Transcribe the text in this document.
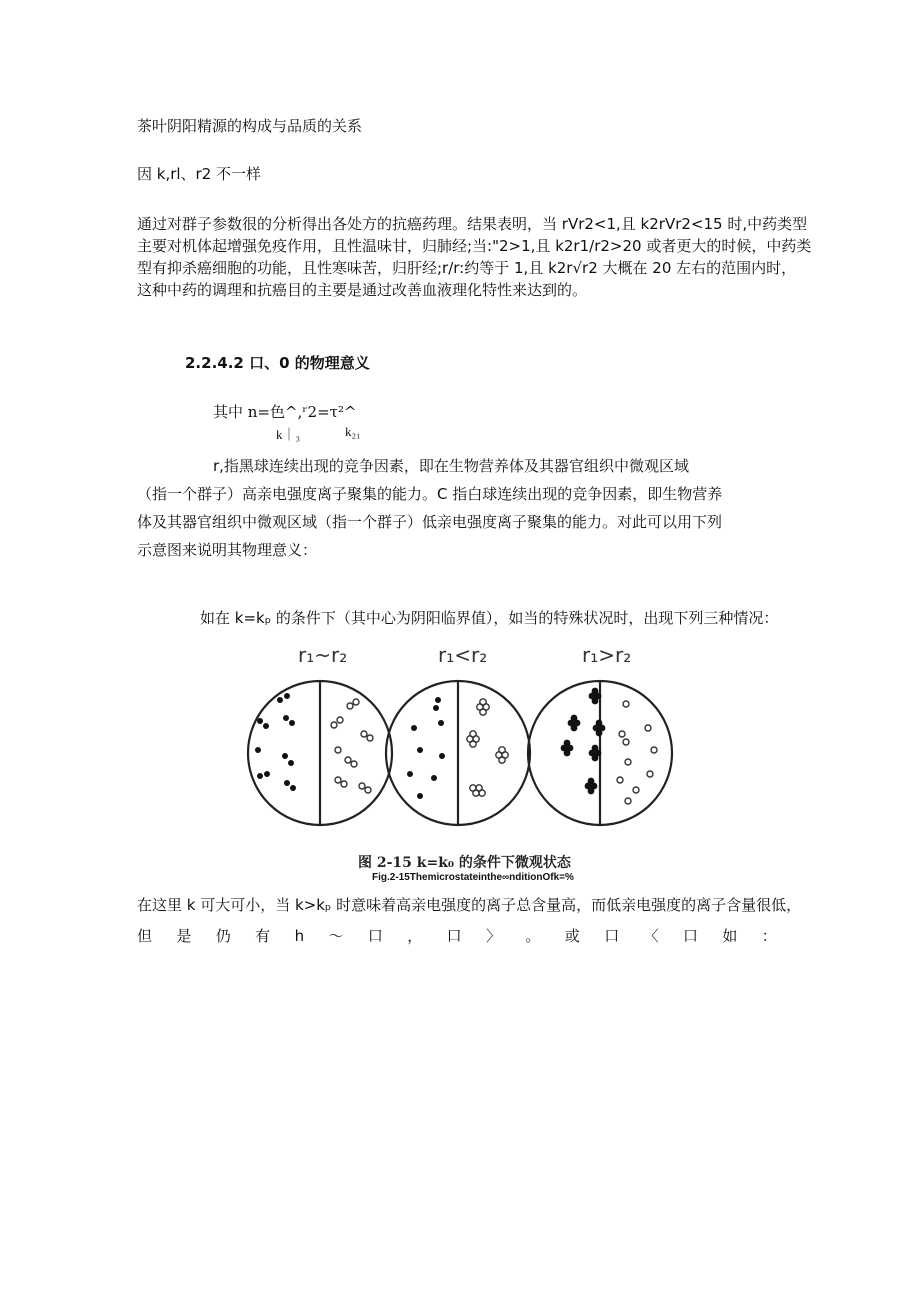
茶叶阴阳精源的构成与品质的关系
因 k,rl、r2 不一样
通过对群子参数很的分析得出各处方的抗癌药理。结果表明，当 rVr2<1,且 k2rVr2<15 时,中药类型
主要对机体起增强免疫作用，且性温味甘，归肺经;当:"2>1,且 k2r1/r2>20 或者更大的时候，中药类
型有抑杀癌细胞的功能，且性寒味苦，归肝经;r/r:约等于 1,且 k2r√r2 大概在 20 左右的范围内时，
这种中药的调理和抗癌目的主要是通过改善血液理化特性来达到的。
2.2.4.2 口、0 的物理意义
其中 n=色^,ʳ2=τ²^
k｜₃	k₂₁
r,指黑球连续出现的竞争因素，即在生物营养体及其器官组织中微观区域
（指一个群子）高亲电强度离子聚集的能力。C 指白球连续出现的竞争因素，即生物营养
体及其器官组织中微观区域（指一个群子）低亲电强度离子聚集的能力。对此可以用下列
示意图来说明其物理意义：
如在 k=kₚ 的条件下（其中心为阴阳临界值），如当的特殊状况时，出现下列三种情况：
r₁~r₂	r₁<r₂	r₁>r₂
图 2-15 k=k₀ 的条件下微观状态
Fig.2-15Themicrostateinthe∞nditionOfk=%
在这里 k 可大可小，当 k>kₚ 时意味着高亲电强度的离子总含量高，而低亲电强度的离子含量很低，
但 是 仍 有 h 〜 口 ， 口 〉 。 或 口 〈 口 如 ：
